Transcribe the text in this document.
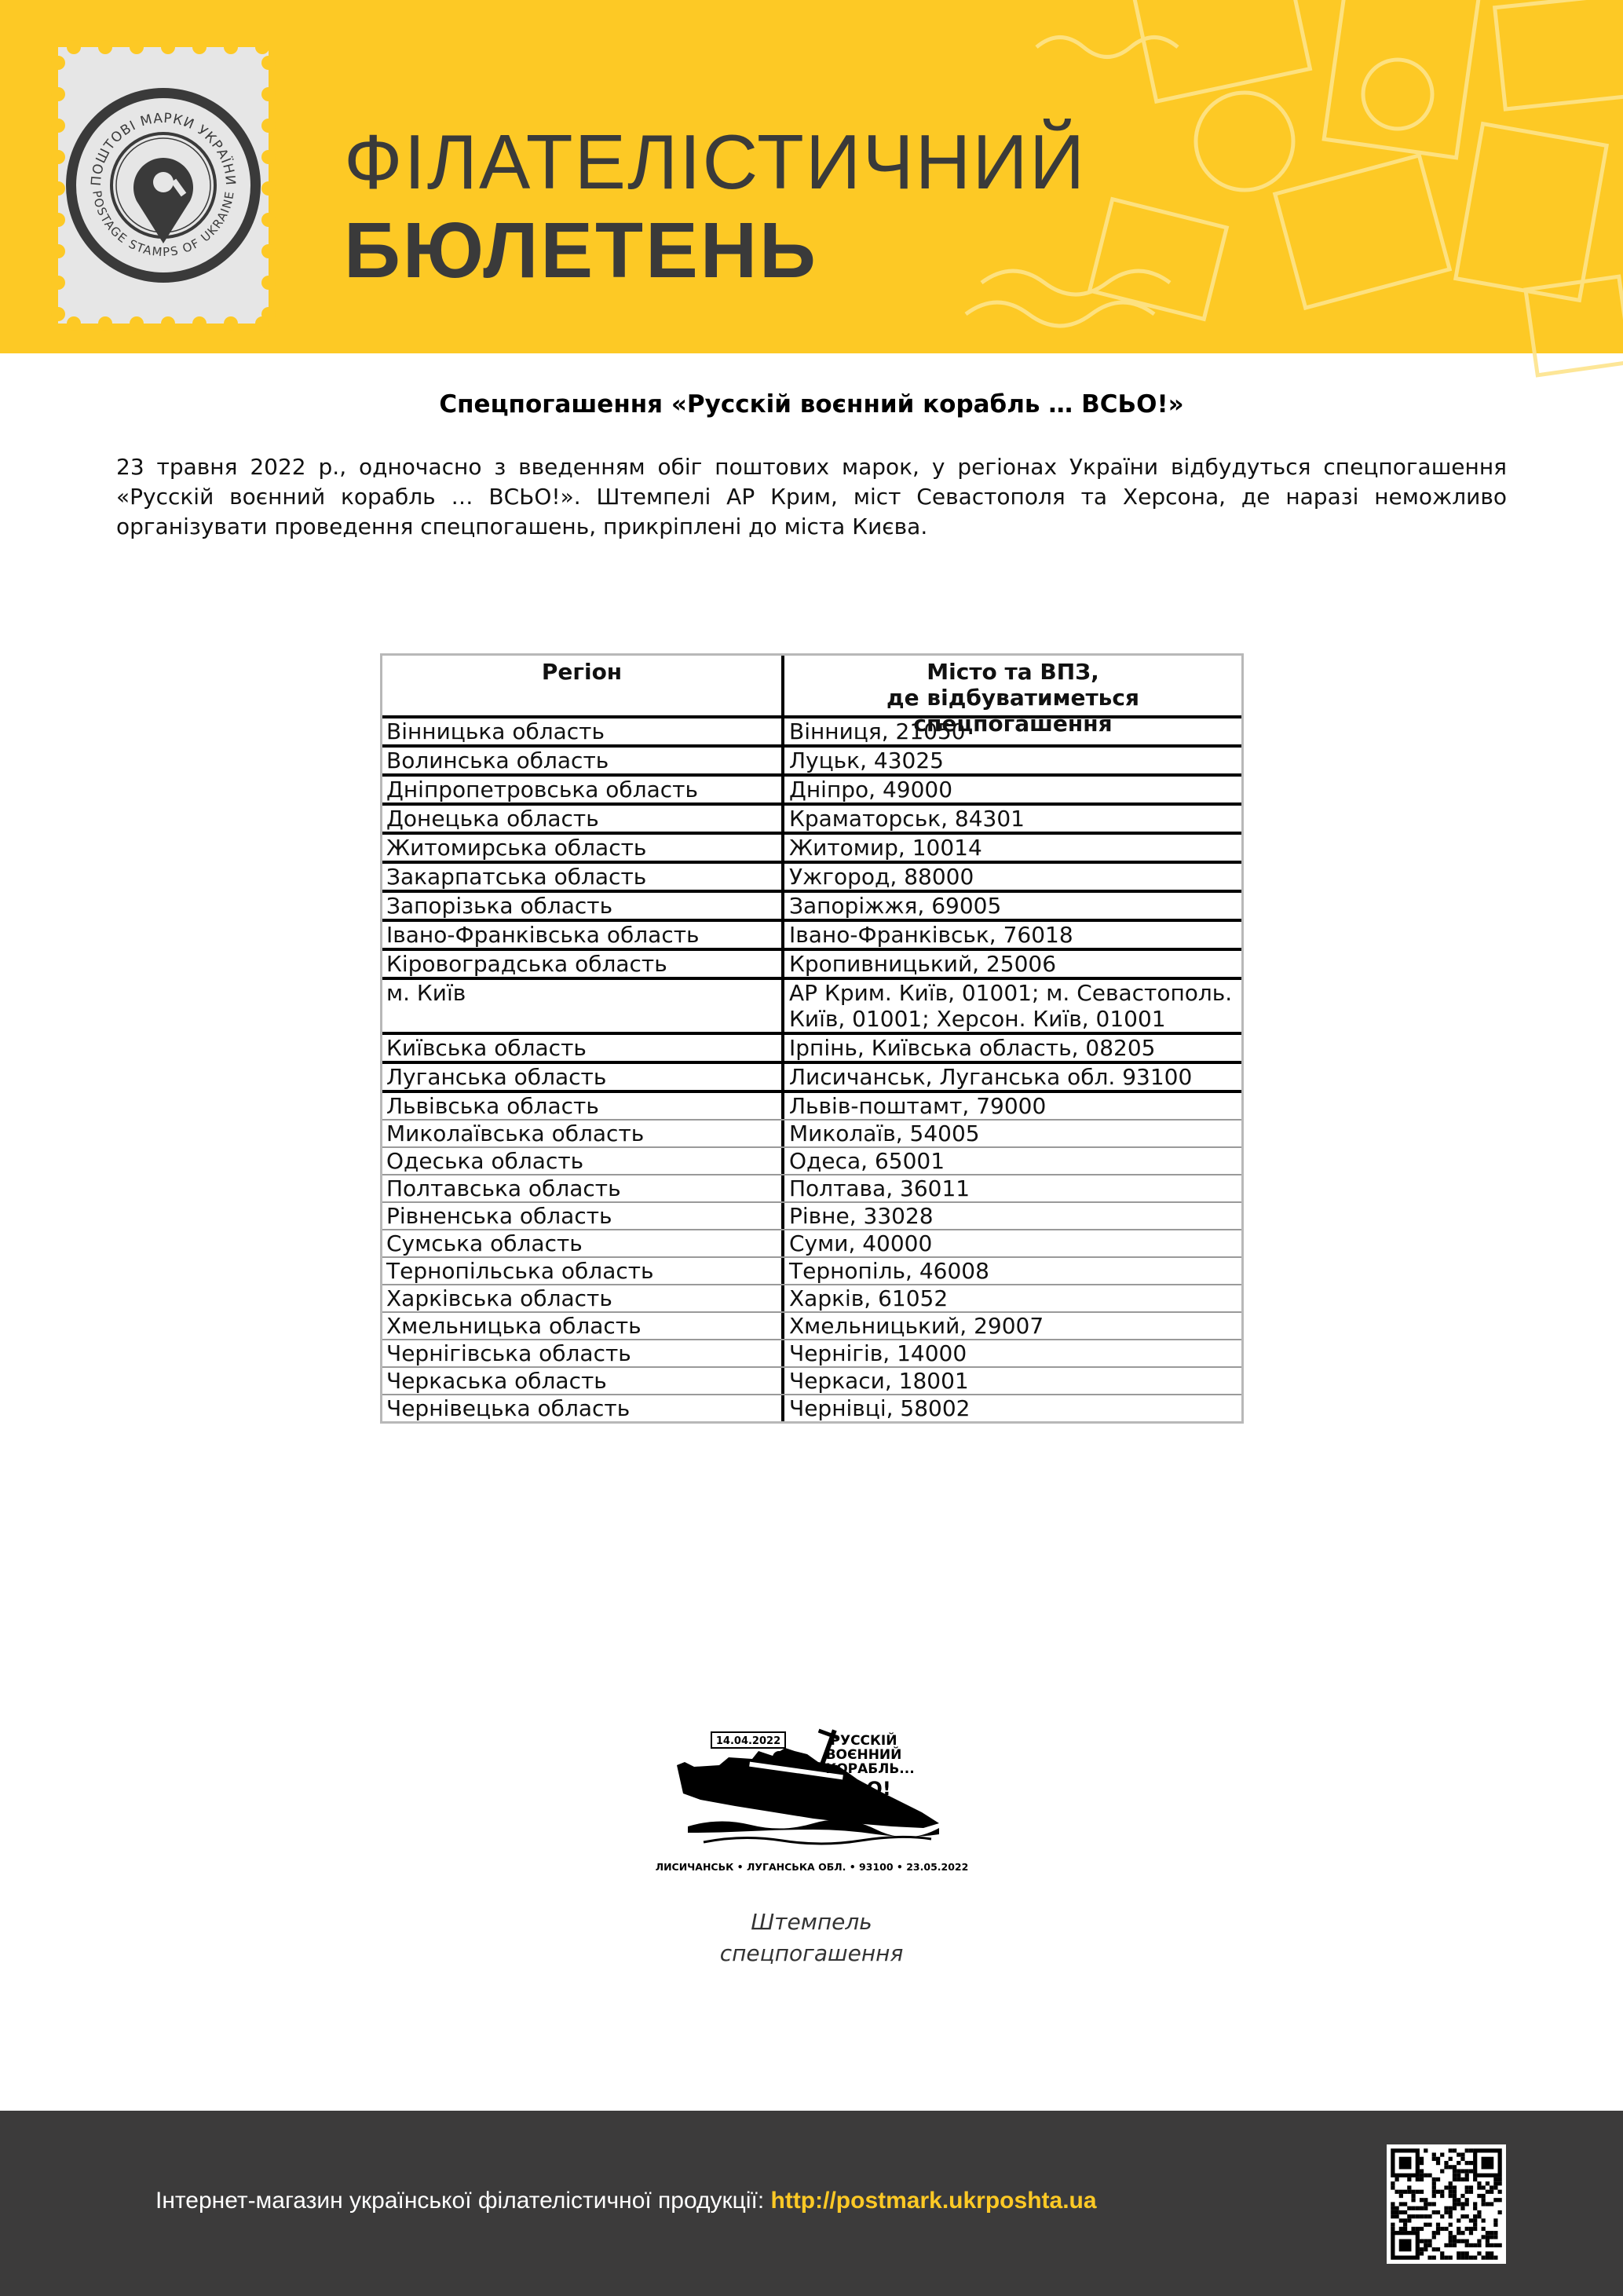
ПОШТОВІ МАРКИ УКРАЇНИ
POSTAGE STAMPS OF UKRAINE ФІЛАТЕЛІСТИЧНИЙ
БЮЛЕТЕНЬ
Спецпогашення «Русскій воєнний корабль … ВСЬО!»

23 травня 2022 р., одночасно з введенням обіг поштових марок, у регіонах України відбудуться спецпогашення «Русскій воєнний корабль … ВСЬО!». Штемпелі АР Крим, міст Севастополя та Херсона, де наразі неможливо організувати проведення спецпогашень, прикріплені до міста Києва.

Регіон	Місто та ВПЗ,
де відбуватиметься спецпогашення
Вінницька область	Вінниця, 21050
Волинська область	Луцьк, 43025
Дніпропетровська область	Дніпро, 49000
Донецька область	Краматорськ, 84301
Житомирська область	Житомир, 10014
Закарпатська область	Ужгород, 88000
Запорізька область	Запоріжжя, 69005
Івано-Франківська область	Івано-Франківськ, 76018
Кіровоградська область	Кропивницький, 25006
м. Київ	АР Крим. Київ, 01001; м. Севастополь. Київ, 01001; Херсон. Київ, 01001
Київська область	Ірпінь, Київська область, 08205
Луганська область	Лисичанськ, Луганська обл. 93100
Львівська область	Львів-поштамт, 79000
Миколаївська область	Миколаїв, 54005
Одеська область	Одеса, 65001
Полтавська область	Полтава, 36011
Рівненська область	Рівне, 33028
Сумська область	Суми, 40000
Тернопільська область	Тернопіль, 46008
Харківська область	Харків, 61052
Хмельницька область	Хмельницький, 29007
Чернігівська область	Чернігів, 14000
Черкаська область	Черкаси, 18001
Чернівецька область	Чернівці, 58002
14.04.2022	РУССКІЙ
ВОЄННИЙ
КОРАБЛЬ...
ВСЬО!
ЛИСИЧАНСЬК • ЛУГАНСЬКА ОБЛ. • 93100 • 23.05.2022
Штемпель
спецпогашення
Інтернет-магазин української філателістичної продукції: http://postmark.ukrposhta.ua
